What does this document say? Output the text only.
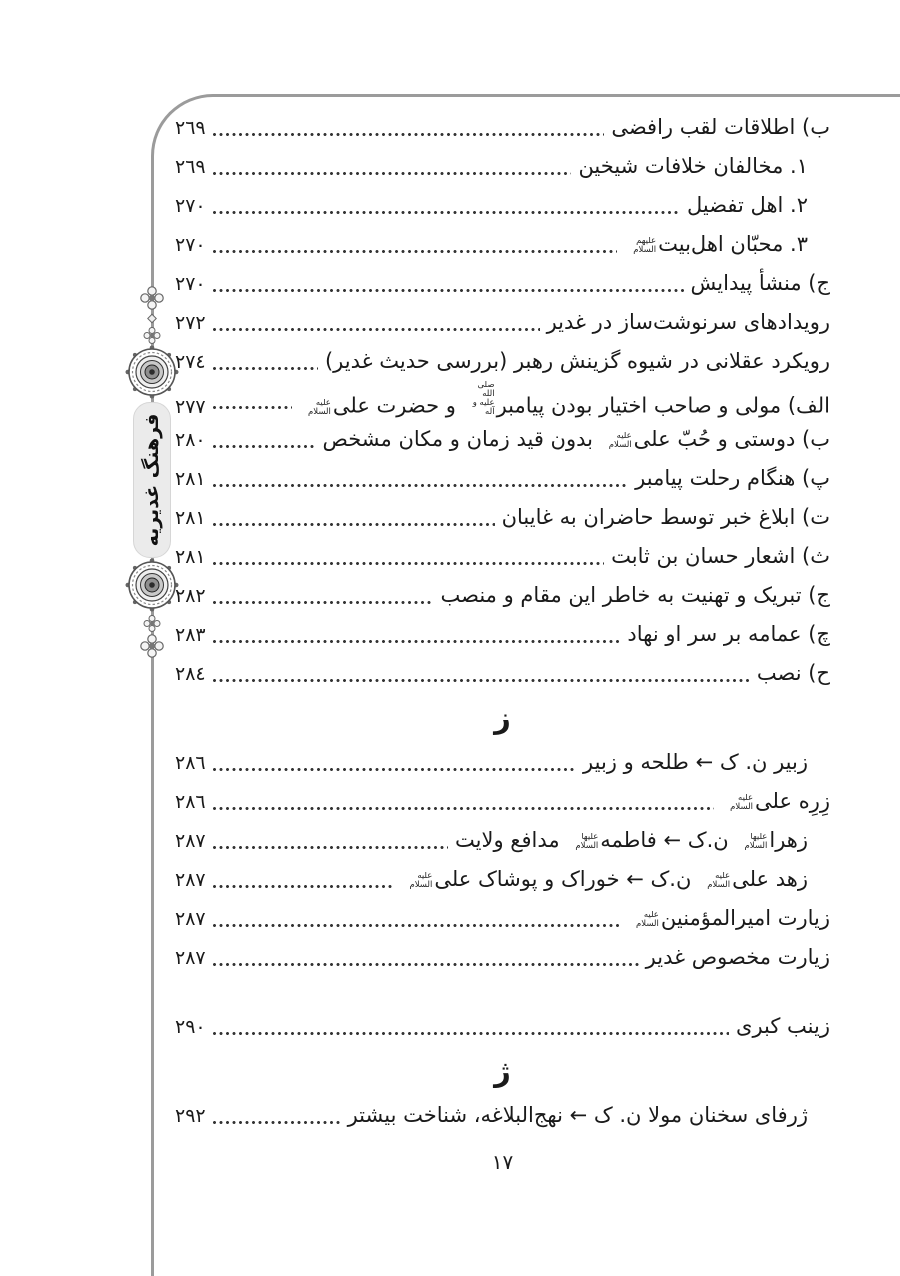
فرهنگ غدیریه
ب) اطلاقات لقب رافضی
٢٦٩
١. مخالفان خلافات شیخین
٢٦٩
٢. اهل تفضیل
٢٧٠
٣. محبّان اهل‌بیتعلیهم السلام
٢٧٠
ج) منشأ پیدایش
٢٧٠
رویدادهای سرنوشت‌ساز در غدیر
٢٧٢
رویکرد عقلانی در شیوه گزینش رهبر (بررسی حدیث غدیر)
٢٧٤
الف) مولی و صاحب اختیار بودن پیامبرصلی الله علیه و آله و حضرت علیعلیه السلام
٢٧٧
ب) دوستی و حُبّ علیعلیه السلام بدون قید زمان و مکان مشخص
٢٨٠
پ) هنگام رحلت پیامبر
٢٨١
ت) ابلاغ خبر توسط حاضران به غایبان
٢٨١
ث) اشعار حسان بن ثابت
٢٨١
ج) تبریک و تهنیت به خاطر این مقام و منصب
٢٨٢
چ) عمامه بر سر او نهاد
٢٨٣
ح) نصب
٢٨٤
ز
زبیر ن. ک ← طلحه و زبیر
٢٨٦
زِرِه علیعلیه السلام
٢٨٦
زهراعلیها السلام ن.ک ← فاطمهعلیها السلام مدافع ولایت
٢٨٧
زهد علیعلیه السلام ن.ک ← خوراک و پوشاک علیعلیه السلام
٢٨٧
زیارت امیرالمؤمنینعلیه السلام
٢٨٧
زیارت مخصوص غدیر
٢٨٧
زینب کبری
٢٩٠
ژ
ژرفای سخنان مولا ن. ک ← نهج‌البلاغه، شناخت بیشتر
٢٩٢
١٧
